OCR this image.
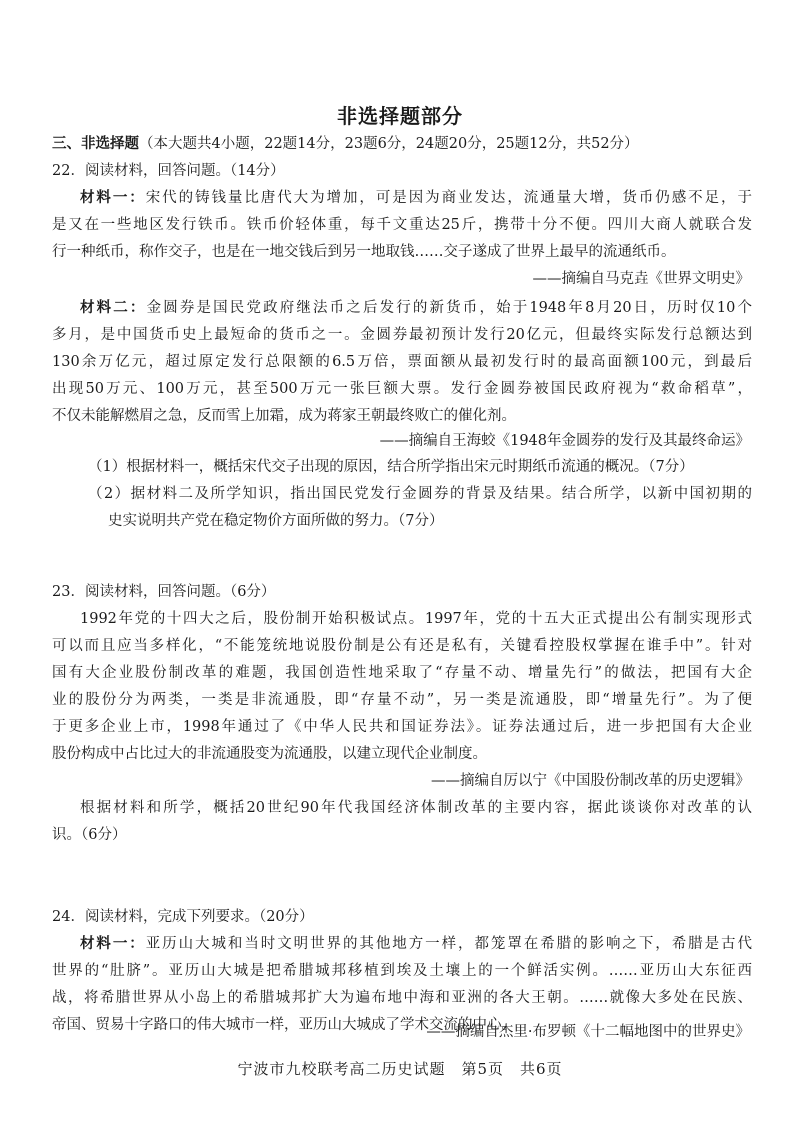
非选择题部分
三、非选择题（本大题共4小题，22题14分，23题6分，24题20分，25题12分，共52分）
22．阅读材料，回答问题。（14分）
材料一：宋代的铸钱量比唐代大为增加，可是因为商业发达，流通量大增，货币仍感不足，于
是又在一些地区发行铁币。铁币价轻体重，每千文重达25斤，携带十分不便。四川大商人就联合发
行一种纸币，称作交子，也是在一地交钱后到另一地取钱……交子遂成了世界上最早的流通纸币。
——摘编自马克垚《世界文明史》
材料二：金圆券是国民党政府继法币之后发行的新货币，始于1948年8月20日，历时仅10个
多月，是中国货币史上最短命的货币之一。金圆券最初预计发行20亿元，但最终实际发行总额达到
130余万亿元，超过原定发行总限额的6.5万倍，票面额从最初发行时的最高面额100元，到最后
出现50万元、100万元，甚至500万元一张巨额大票。发行金圆券被国民政府视为“救命稻草”，
不仅未能解燃眉之急，反而雪上加霜，成为蒋家王朝最终败亡的催化剂。
——摘编自王海蛟《1948年金圆券的发行及其最终命运》
（1）根据材料一，概括宋代交子出现的原因，结合所学指出宋元时期纸币流通的概况。（7分）
（2）据材料二及所学知识，指出国民党发行金圆券的背景及结果。结合所学，以新中国初期的
史实说明共产党在稳定物价方面所做的努力。（7分）
23．阅读材料，回答问题。（6分）
1992年党的十四大之后，股份制开始积极试点。1997年，党的十五大正式提出公有制实现形式
可以而且应当多样化，“不能笼统地说股份制是公有还是私有，关键看控股权掌握在谁手中”。针对
国有大企业股份制改革的难题，我国创造性地采取了“存量不动、增量先行”的做法，把国有大企
业的股份分为两类，一类是非流通股，即“存量不动”，另一类是流通股，即“增量先行”。为了便
于更多企业上市，1998年通过了《中华人民共和国证券法》。证券法通过后，进一步把国有大企业
股份构成中占比过大的非流通股变为流通股，以建立现代企业制度。
——摘编自厉以宁《中国股份制改革的历史逻辑》
根据材料和所学，概括20世纪90年代我国经济体制改革的主要内容，据此谈谈你对改革的认
识。（6分）
24．阅读材料，完成下列要求。（20分）
材料一：亚历山大城和当时文明世界的其他地方一样，都笼罩在希腊的影响之下，希腊是古代
世界的“肚脐”。亚历山大城是把希腊城邦移植到埃及土壤上的一个鲜活实例。……亚历山大东征西
战，将希腊世界从小岛上的希腊城邦扩大为遍布地中海和亚洲的各大王朝。……就像大多处在民族、
帝国、贸易十字路口的伟大城市一样，亚历山大城成了学术交流的中心。
——摘编自杰里·布罗顿《十二幅地图中的世界史》
宁波市九校联考高二历史试题　第5页　共6页
